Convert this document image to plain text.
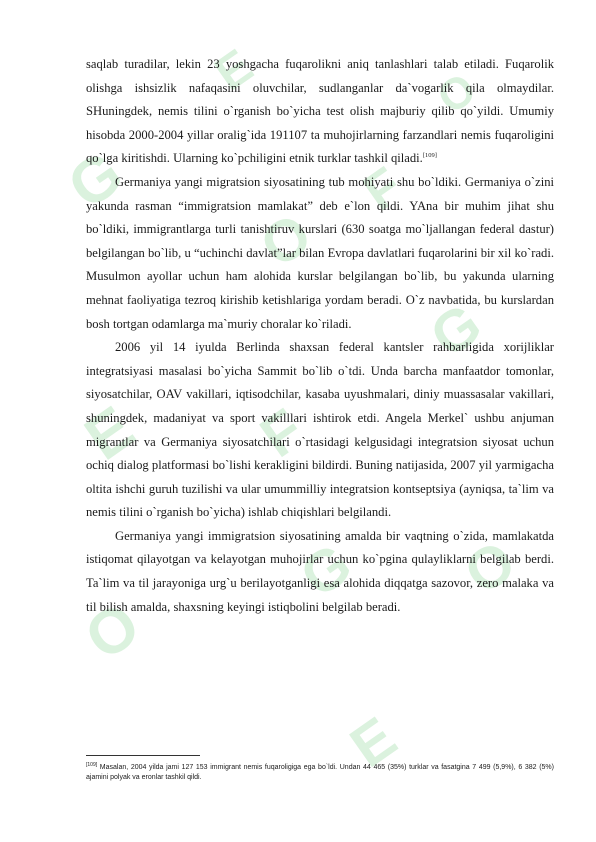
G
E
O
E
O
F
G
E
F
G
O
O

saqlab turadilar, lekin 23 yoshgacha fuqarolikni aniq tanlashlari talab etiladi. Fuqarolik olishga ishsizlik nafaqasini oluvchilar, sudlanganlar da`vogarlik qila olmaydilar. SHuningdek, nemis tilini o`rganish bo`yicha test olish majburiy qilib qo`yildi. Umumiy hisobda 2000-2004 yillar oralig`ida 191107 ta muhojirlarning farzandlari nemis fuqaroligini qo`lga kiritishdi. Ularning ko`pchiligini etnik turklar tashkil qiladi.[109]

Germaniya yangi migratsion siyosatining tub mohiyati shu bo`ldiki. Germaniya o`zini yakunda rasman “immigratsion mamlakat” deb e`lon qildi. YAna bir muhim jihat shu bo`ldiki, immigrantlarga turli tanishtiruv kurslari (630 soatga mo`ljallangan federal dastur) belgilangan bo`lib, u “uchinchi davlat”lar bilan Evropa davlatlari fuqarolarini bir xil ko`radi. Musulmon ayollar uchun ham alohida kurslar belgilangan bo`lib, bu yakunda ularning mehnat faoliyatiga tezroq kirishib ketishlariga yordam beradi. O`z navbatida, bu kurslardan bosh tortgan odamlarga ma`muriy choralar ko`riladi.

2006 yil 14 iyulda Berlinda shaxsan federal kantsler rahbarligida xorijliklar integratsiyasi masalasi bo`yicha Sammit bo`lib o`tdi. Unda barcha manfaatdor tomonlar, siyosatchilar, OAV vakillari, iqtisodchilar, kasaba uyushmalari, diniy muassasalar vakillari, shuningdek, madaniyat va sport vakilllari ishtirok etdi. Angela Merkel` ushbu anjuman migrantlar va Germaniya siyosatchilari o`rtasidagi kelgusidagi integratsion siyosat uchun ochiq dialog platformasi bo`lishi kerakligini bildirdi. Buning natijasida, 2007 yil yarmigacha oltita ishchi guruh tuzilishi va ular umummilliy integratsion kontseptsiya (ayniqsa, ta`lim va nemis tilini o`rganish bo`yicha) ishlab chiqishlari belgilandi.

Germaniya yangi immigratsion siyosatining amalda bir vaqtning o`zida, mamlakatda istiqomat qilayotgan va kelayotgan muhojirlar uchun ko`pgina qulayliklarni belgilab berdi. Ta`lim va til jarayoniga urg`u berilayotganligi esa alohida diqqatga sazovor, zero malaka va til bilish amalda, shaxsning keyingi istiqbolini belgilab beradi.

[109] Masalan, 2004 yilda jami 127 153 immigrant nemis fuqaroligiga ega bo`ldi. Undan 44 465 (35%) turklar va fasatgina 7 499 (5,9%), 6 382 (5%) ajamini polyak va eronlar tashkil qildi.
